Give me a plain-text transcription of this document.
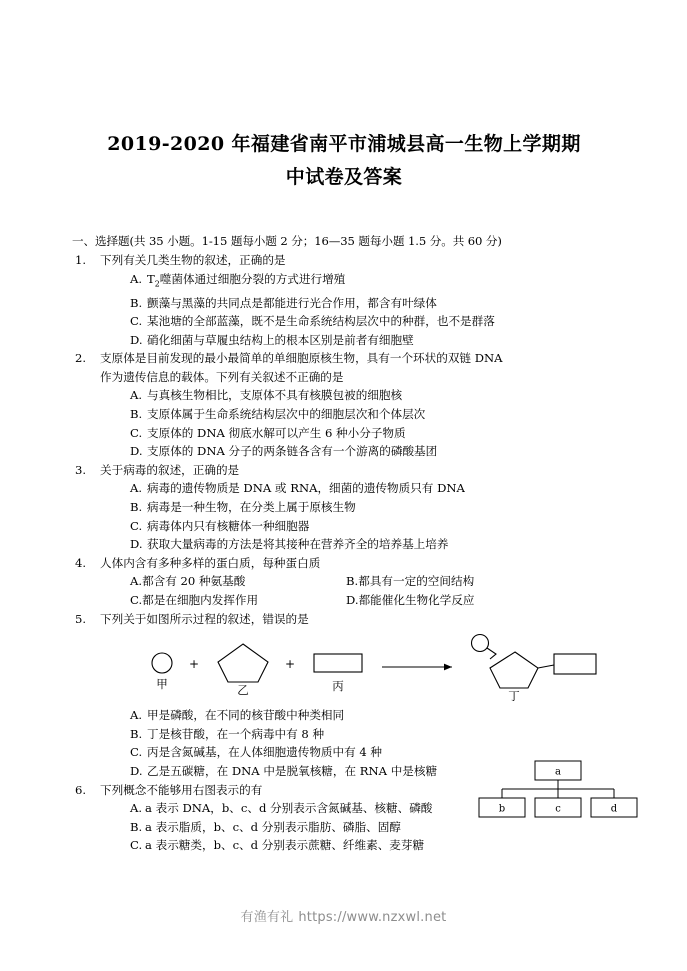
2019-2020 年福建省南平市浦城县高一生物上学期期
中试卷及答案
一、选择题(共 35 小题。1-15 题每小题 2 分；16—35 题每小题 1.5 分。共 60 分)
1.	下列有关几类生物的叙述，正确的是
A. $T_2$噬菌体通过细胞分裂的方式进行增殖
B. 颤藻与黑藻的共同点是都能进行光合作用，都含有叶绿体
C. 某池塘的全部蓝藻，既不是生命系统结构层次中的种群，也不是群落
D. 硝化细菌与草履虫结构上的根本区别是前者有细胞壁
2.	支原体是目前发现的最小最简单的单细胞原核生物，具有一个环状的双链 DNA
作为遗传信息的载体。下列有关叙述不正确的是
A. 与真核生物相比，支原体不具有核膜包被的细胞核
B. 支原体属于生命系统结构层次中的细胞层次和个体层次
C. 支原体的 DNA 彻底水解可以产生 6 种小分子物质
D. 支原体的 DNA 分子的两条链各含有一个游离的磷酸基团
3.	关于病毒的叙述，正确的是
A. 病毒的遗传物质是 DNA 或 RNA，细菌的遗传物质只有 DNA
B. 病毒是一种生物，在分类上属于原核生物
C. 病毒体内只有核糖体一种细胞器
D. 获取大量病毒的方法是将其接种在营养齐全的培养基上培养
4.	人体内含有多种多样的蛋白质，每种蛋白质
A.都含有 20 种氨基酸	B.都具有一定的空间结构
C.都是在细胞内发挥作用	D.都能催化生物化学反应
5.	下列关于如图所示过程的叙述，错误的是
甲
+
乙
+
丙
丁
A. 甲是磷酸，在不同的核苷酸中种类相同
B. 丁是核苷酸，在一个病毒中有 8 种
C. 丙是含氮碱基，在人体细胞遗传物质中有 4 种
D. 乙是五碳糖，在 DNA 中是脱氧核糖，在 RNA 中是核糖
6.	下列概念不能够用右图表示的有
A. a 表示 DNA，b、c、d 分别表示含氮碱基、核糖、磷酸
B. a 表示脂质，b、c、d 分别表示脂肪、磷脂、固醇
C. a 表示糖类，b、c、d 分别表示蔗糖、纤维素、麦芽糖
a
b	c	d
有渔有礼 https://www.nzxwl.net
